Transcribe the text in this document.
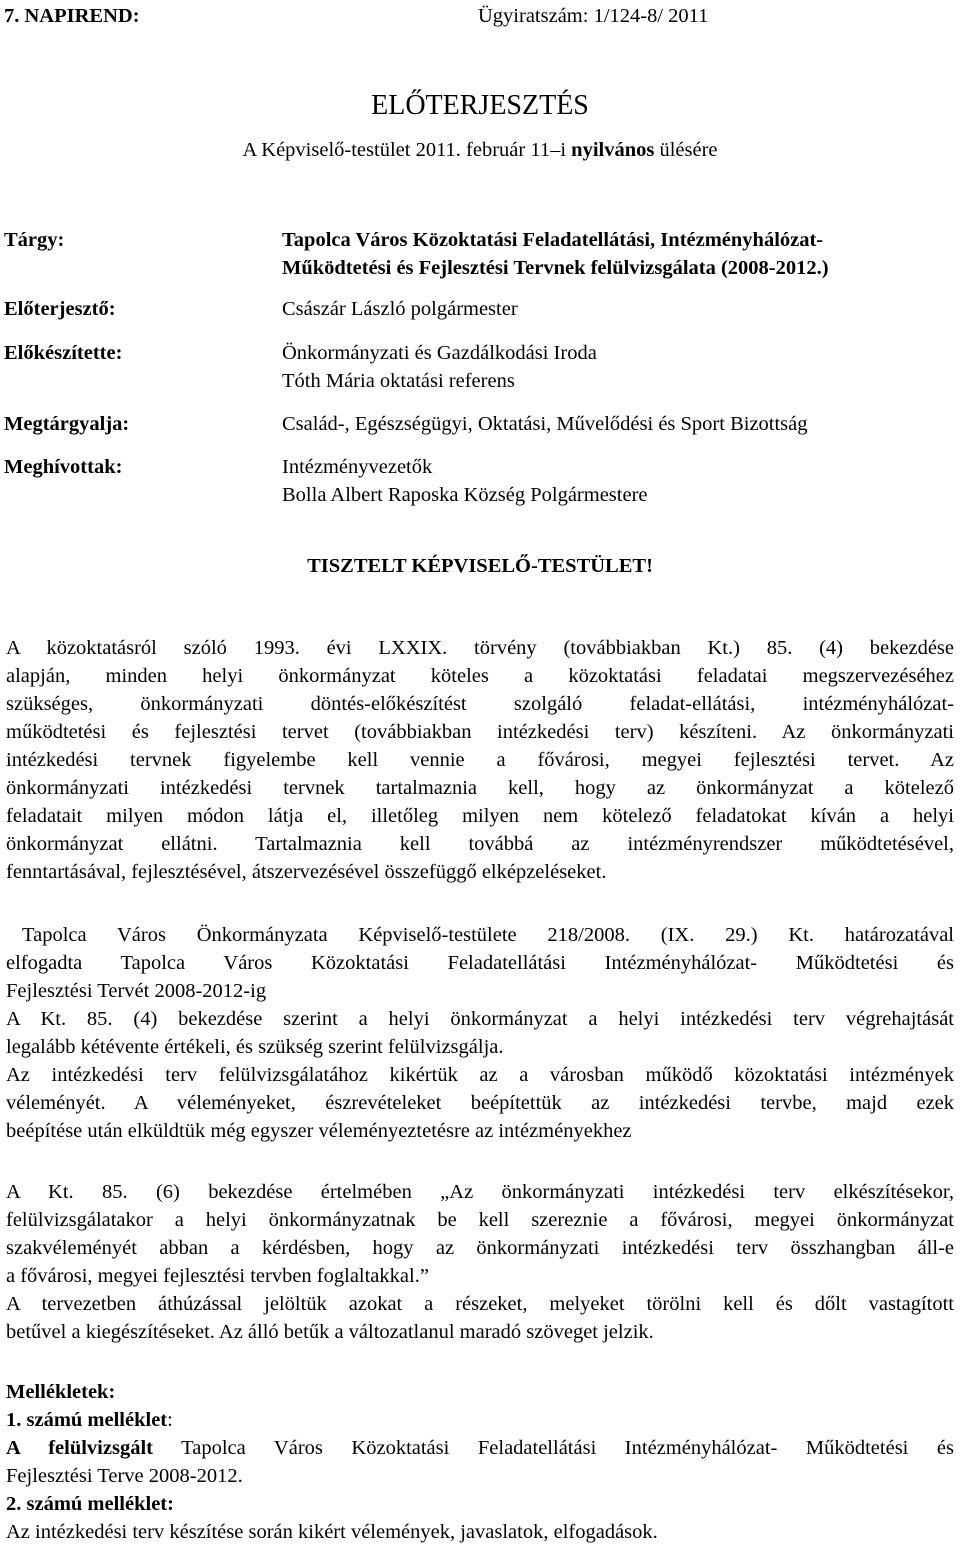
7. NAPIREND:	Ügyiratszám: 1/124-8/ 2011
ELŐTERJESZTÉS
A Képviselő-testület 2011. február 11–i nyilvános ülésére
Tárgy:	Tapolca Város Közoktatási Feladatellátási, Intézményhálózat-
Működtetési és Fejlesztési Tervnek felülvizsgálata (2008-2012.)
Előterjesztő:	Császár László polgármester
Előkészítette:	Önkormányzati és Gazdálkodási Iroda
Tóth Mária oktatási referens
Megtárgyalja:	Család-, Egészségügyi, Oktatási, Művelődési és Sport Bizottság
Meghívottak:	Intézményvezetők
Bolla Albert Raposka Község Polgármestere
TISZTELT KÉPVISELŐ-TESTÜLET!
A közoktatásról szóló 1993. évi LXXIX. törvény (továbbiakban Kt.) 85. (4) bekezdése
alapján, minden helyi önkormányzat köteles a közoktatási feladatai megszervezéséhez
szükséges, önkormányzati döntés-előkészítést szolgáló feladat-ellátási, intézményhálózat-
működtetési és fejlesztési tervet (továbbiakban intézkedési terv) készíteni. Az önkormányzati
intézkedési tervnek figyelembe kell vennie a fővárosi, megyei fejlesztési tervet. Az
önkormányzati intézkedési tervnek tartalmaznia kell, hogy az önkormányzat a kötelező
feladatait milyen módon látja el, illetőleg milyen nem kötelező feladatokat kíván a helyi
önkormányzat ellátni. Tartalmaznia kell továbbá az intézményrendszer működtetésével,
fenntartásával, fejlesztésével, átszervezésével összefüggő elképzeléseket.
Tapolca Város Önkormányzata Képviselő-testülete 218/2008. (IX. 29.) Kt. határozatával
elfogadta Tapolca Város Közoktatási Feladatellátási Intézményhálózat- Működtetési és
Fejlesztési Tervét 2008-2012-ig
A Kt. 85. (4) bekezdése szerint a helyi önkormányzat a helyi intézkedési terv végrehajtását
legalább kétévente értékeli, és szükség szerint felülvizsgálja.
Az intézkedési terv felülvizsgálatához kikértük az a városban működő közoktatási intézmények
véleményét. A véleményeket, észrevételeket beépítettük az intézkedési tervbe, majd ezek
beépítése után elküldtük még egyszer véleményeztetésre az intézményekhez
A Kt. 85. (6) bekezdése értelmében „Az önkormányzati intézkedési terv elkészítésekor,
felülvizsgálatakor a helyi önkormányzatnak be kell szereznie a fővárosi, megyei önkormányzat
szakvéleményét abban a kérdésben, hogy az önkormányzati intézkedési terv összhangban áll-e
a fővárosi, megyei fejlesztési tervben foglaltakkal.”
A tervezetben áthúzással jelöltük azokat a részeket, melyeket törölni kell és dőlt vastagított
betűvel a kiegészítéseket. Az álló betűk a változatlanul maradó szöveget jelzik.
Mellékletek:
1. számú melléklet:
A felülvizsgált Tapolca Város Közoktatási Feladatellátási Intézményhálózat- Működtetési és
Fejlesztési Terve 2008-2012.
2. számú melléklet:
Az intézkedési terv készítése során kikért vélemények, javaslatok, elfogadások.
